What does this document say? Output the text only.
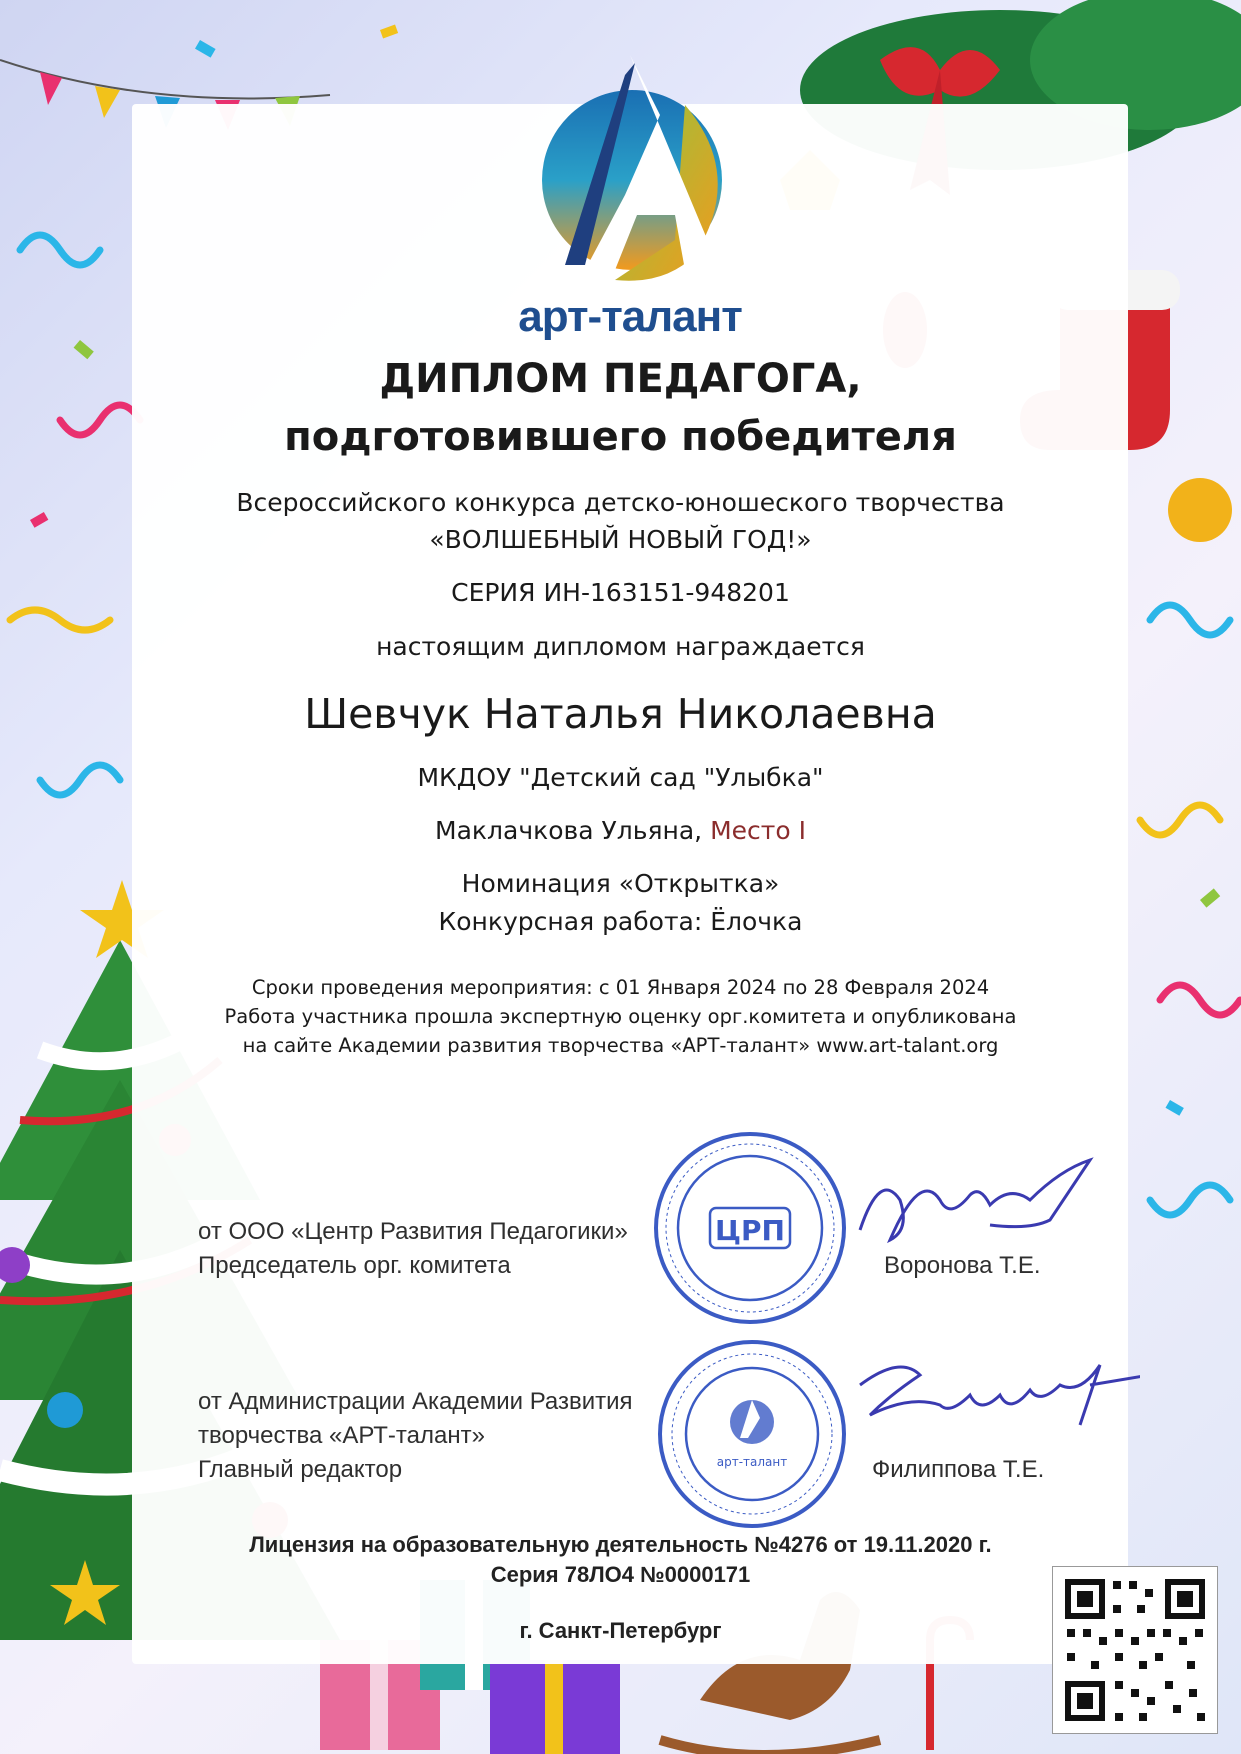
арт-талант
ДИПЛОМ ПЕДАГОГА,
подготовившего победителя
Всероссийского конкурса детско-юношеского творчества
«ВОЛШЕБНЫЙ НОВЫЙ ГОД!»
СЕРИЯ ИН-163151-948201
настоящим дипломом награждается
Шевчук Наталья Николаевна
МКДОУ "Детский сад "Улыбка"
Маклачкова Ульяна, Место I
Номинация «Открытка»
Конкурсная работа: Ёлочка
Сроки проведения мероприятия: с 01 Января 2024 по 28 Февраля 2024
Работа участника прошла экспертную оценку орг.комитета и опубликована
на сайте Академии развития творчества «АРТ-талант» www.art-talant.org
от ООО «Центр Развития Педагогики»
Председатель орг. комитета
ЦРП
Воронова Т.Е.
от Администрации Академии Развития
творчества «АРТ-талант»
Главный редактор	арт-талант	Филиппова Т.Е.
Лицензия на образовательную деятельность №4276 от 19.11.2020 г.
Серия 78ЛО4 №0000171
г. Санкт-Петербург
